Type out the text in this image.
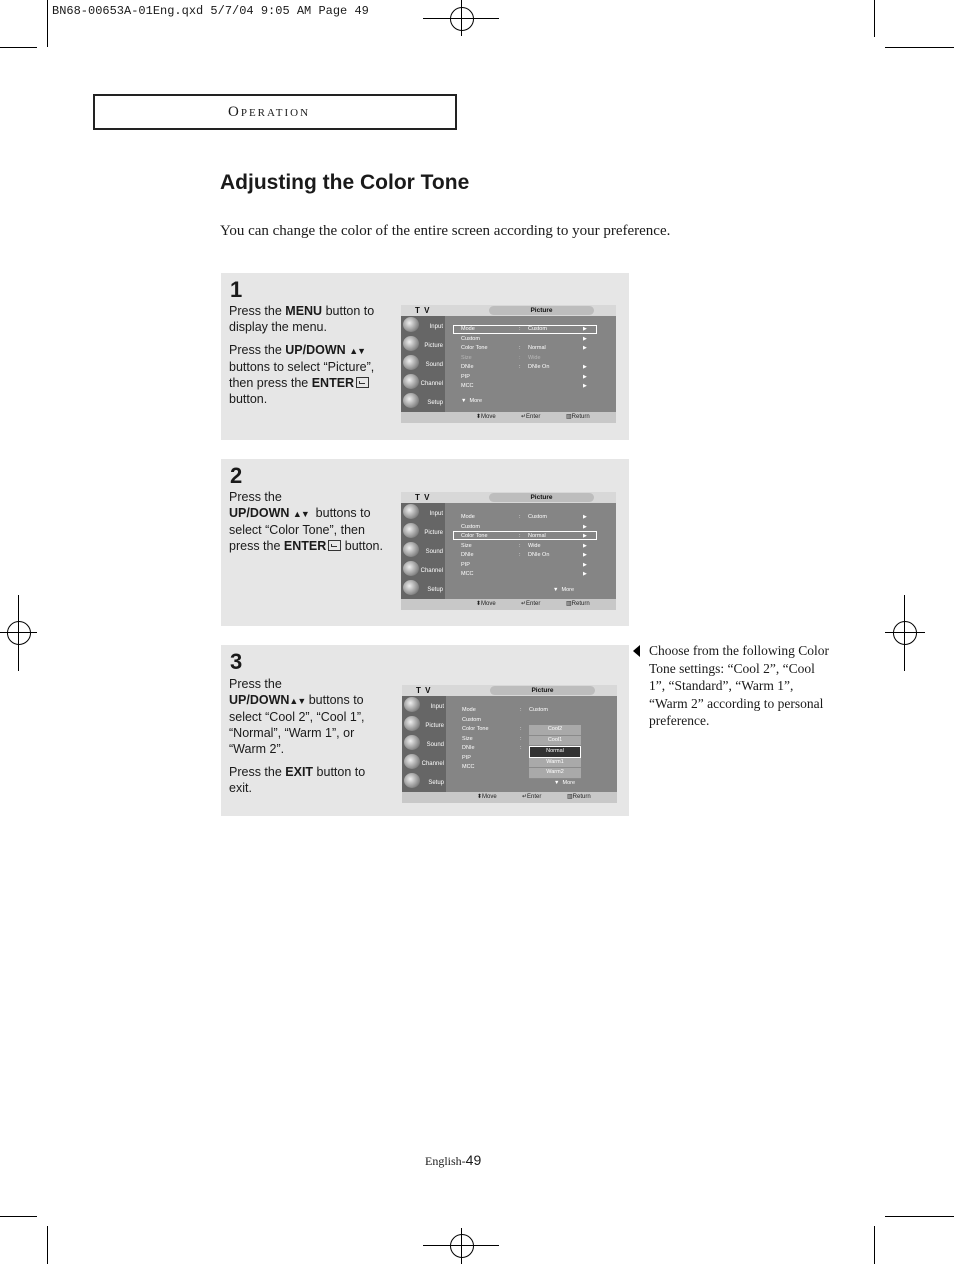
BN68-00653A-01Eng.qxd 5/7/04 9:05 AM Page 49
OPERATION
Adjusting the Color Tone
You can change the color of the entire screen according to your preference.
1

Press the MENU button to display the menu.

Press the UP/DOWN ▲▼ buttons to select “Picture”, then press the ENTER button.

T V	Picture
Input
Picture
Sound
Channel
Setup
Mode	: Custom	▶
Custom	▶
Color Tone	: Normal	▶
Size	: Wide
DNIe	: DNIe On	▶
PIP	▶
MCC	▶
▼  More
⬍ Move	↵ Enter	▥ Return
2

Press the
UP/DOWN ▲▼  buttons to select “Color Tone”, then press the ENTER button.

T V	Picture
Input
Picture
Sound
Channel
Setup
Mode	: Custom	▶
Custom	▶
Color Tone	: Normal	▶
Size	: Wide	▶
DNIe	: DNIe On	▶
PIP	▶
MCC	▶
▼  More
⬍ Move	↵ Enter	▥ Return
3

Press the
UP/DOWN▲▼ buttons to select “Cool 2”, “Cool 1”, “Normal”, “Warm 1”, or “Warm 2”.

Press the EXIT button to exit.

T V	Picture
Input
Picture
Sound
Channel
Setup
Mode	: Custom
Custom
Color Tone	:
Size	:
DNIe	:
PIP
MCC
▼  More
Cool2
Cool1
Normal
Warm1
Warm2
⬍ Move	↵ Enter	▥ Return
Choose from the following Color Tone settings: “Cool 2”, “Cool 1”, “Standard”, “Warm 1”, “Warm 2” according to personal preference.
English-49
